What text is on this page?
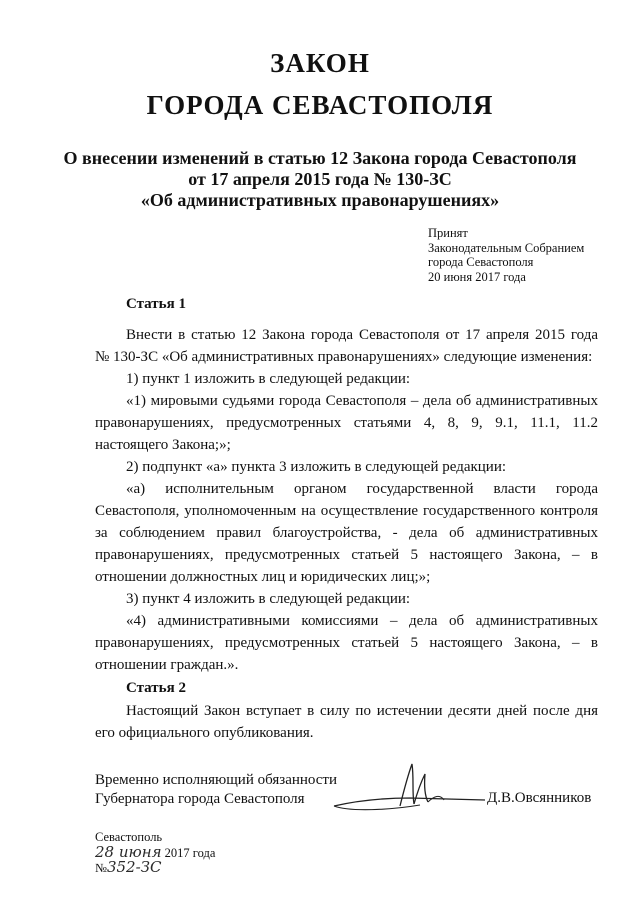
ЗАКОН
ГОРОДА СЕВАСТОПОЛЯ
О внесении изменений в статью 12 Закона города Севастополя
от 17 апреля 2015 года № 130-ЗС
«Об административных правонарушениях»
Принят
Законодательным Собранием
города Севастополя
20 июня 2017 года
Статья 1
Внести в статью 12 Закона города Севастополя от 17 апреля 2015 года
№ 130-ЗС «Об административных правонарушениях» следующие изменения:
1) пункт 1 изложить в следующей редакции:
«1) мировыми судьями города Севастополя – дела об административных
правонарушениях, предусмотренных статьями 4, 8, 9, 9.1, 11.1, 11.2
настоящего Закона;»;
2) подпункт «а» пункта 3 изложить в следующей редакции:
«а) исполнительным органом государственной власти города
Севастополя, уполномоченным на осуществление государственного контроля
за соблюдением правил благоустройства, - дела об административных
правонарушениях, предусмотренных статьей 5 настоящего Закона, – в
отношении должностных лиц и юридических лиц;»;
3) пункт 4 изложить в следующей редакции:
«4) административными комиссиями – дела об административных
правонарушениях, предусмотренных статьей 5 настоящего Закона, – в
отношении граждан.».
Статья 2
Настоящий Закон вступает в силу по истечении десяти дней после дня
его официального опубликования.
Временно исполняющий обязанности
Губернатора города Севастополя	Д.В.Овсянников
Севастополь
28 июня 2017 года
№352-ЗС
